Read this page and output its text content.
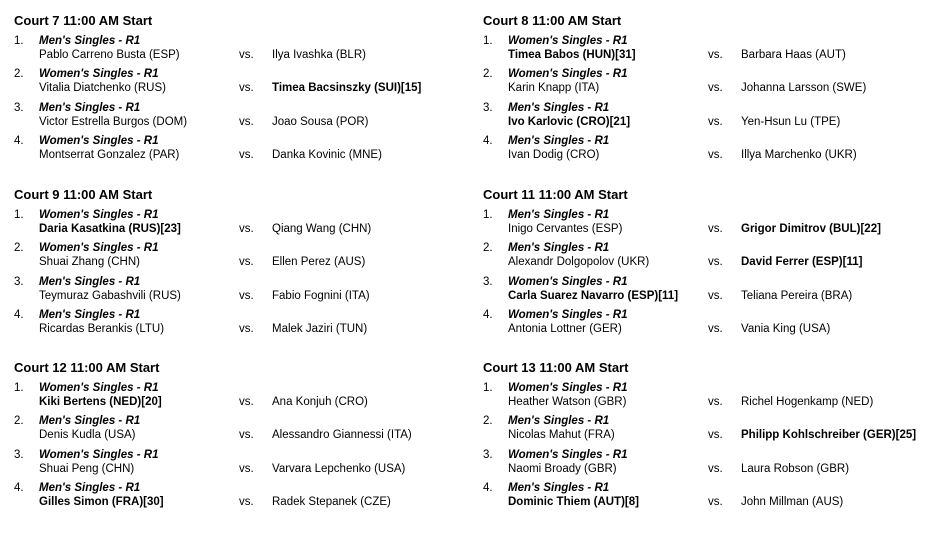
Court 7 11:00 AM Start
1. Men's Singles - R1
Pablo Carreno Busta (ESP)	vs. Ilya Ivashka (BLR)
2. Women's Singles - R1
Vitalia Diatchenko (RUS)	vs. Timea Bacsinszky (SUI)[15]
3. Men's Singles - R1
Victor Estrella Burgos (DOM)	vs. Joao Sousa (POR)
4. Women's Singles - R1
Montserrat Gonzalez (PAR)	vs. Danka Kovinic (MNE)
Court 8 11:00 AM Start
1. Women's Singles - R1
Timea Babos (HUN)[31]	vs. Barbara Haas (AUT)
2. Women's Singles - R1
Karin Knapp (ITA)	vs. Johanna Larsson (SWE)
3. Men's Singles - R1
Ivo Karlovic (CRO)[21]	vs. Yen-Hsun Lu (TPE)
4. Men's Singles - R1
Ivan Dodig (CRO)	vs. Illya Marchenko (UKR)
Court 9 11:00 AM Start
1. Women's Singles - R1
Daria Kasatkina (RUS)[23]	vs. Qiang Wang (CHN)
2. Women's Singles - R1
Shuai Zhang (CHN)	vs. Ellen Perez (AUS)
3. Men's Singles - R1
Teymuraz Gabashvili (RUS)	vs. Fabio Fognini (ITA)
4. Men's Singles - R1
Ricardas Berankis (LTU)	vs. Malek Jaziri (TUN)
Court 11 11:00 AM Start
1. Men's Singles - R1
Inigo Cervantes (ESP)	vs. Grigor Dimitrov (BUL)[22]
2. Men's Singles - R1
Alexandr Dolgopolov (UKR)	vs. David Ferrer (ESP)[11]
3. Women's Singles - R1
Carla Suarez Navarro (ESP)[11]	vs. Teliana Pereira (BRA)
4. Women's Singles - R1
Antonia Lottner (GER)	vs. Vania King (USA)
Court 12 11:00 AM Start
1. Women's Singles - R1
Kiki Bertens (NED)[20]	vs. Ana Konjuh (CRO)
2. Men's Singles - R1
Denis Kudla (USA)	vs. Alessandro Giannessi (ITA)
3. Women's Singles - R1
Shuai Peng (CHN)	vs. Varvara Lepchenko (USA)
4. Men's Singles - R1
Gilles Simon (FRA)[30]	vs. Radek Stepanek (CZE)
Court 13 11:00 AM Start
1. Women's Singles - R1
Heather Watson (GBR)	vs. Richel Hogenkamp (NED)
2. Men's Singles - R1
Nicolas Mahut (FRA)	vs. Philipp Kohlschreiber (GER)[25]
3. Women's Singles - R1
Naomi Broady (GBR)	vs. Laura Robson (GBR)
4. Men's Singles - R1
Dominic Thiem (AUT)[8]	vs. John Millman (AUS)
